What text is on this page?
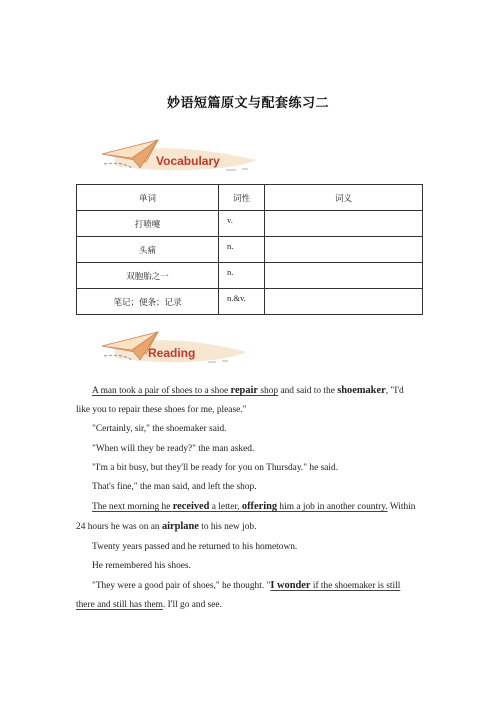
妙语短篇原文与配套练习二
Vocabulary
单词	词性	词义
打喷嚏	v.	
头痛	n.	
双胞胎之一	n.	
笔记；便条；记录	n.&v.	
Reading

A man took a pair of shoes to a shoe repair shop and said to the shoemaker, "I'd like you to repair these shoes for me, please."

"Certainly, sir," the shoemaker said.

"When will they be ready?" the man asked.

"I'm a bit busy, but they'll be ready for you on Thursday." he said.

That's fine," the man said, and left the shop.

The next morning he received a letter, offering him a job in another country. Within 24 hours he was on an airplane to his new job.

Twenty years passed and he returned to his hometown.

He remembered his shoes.

"They were a good pair of shoes," he thought. "I wonder if the shoemaker is still there and still has them. I'll go and see.
